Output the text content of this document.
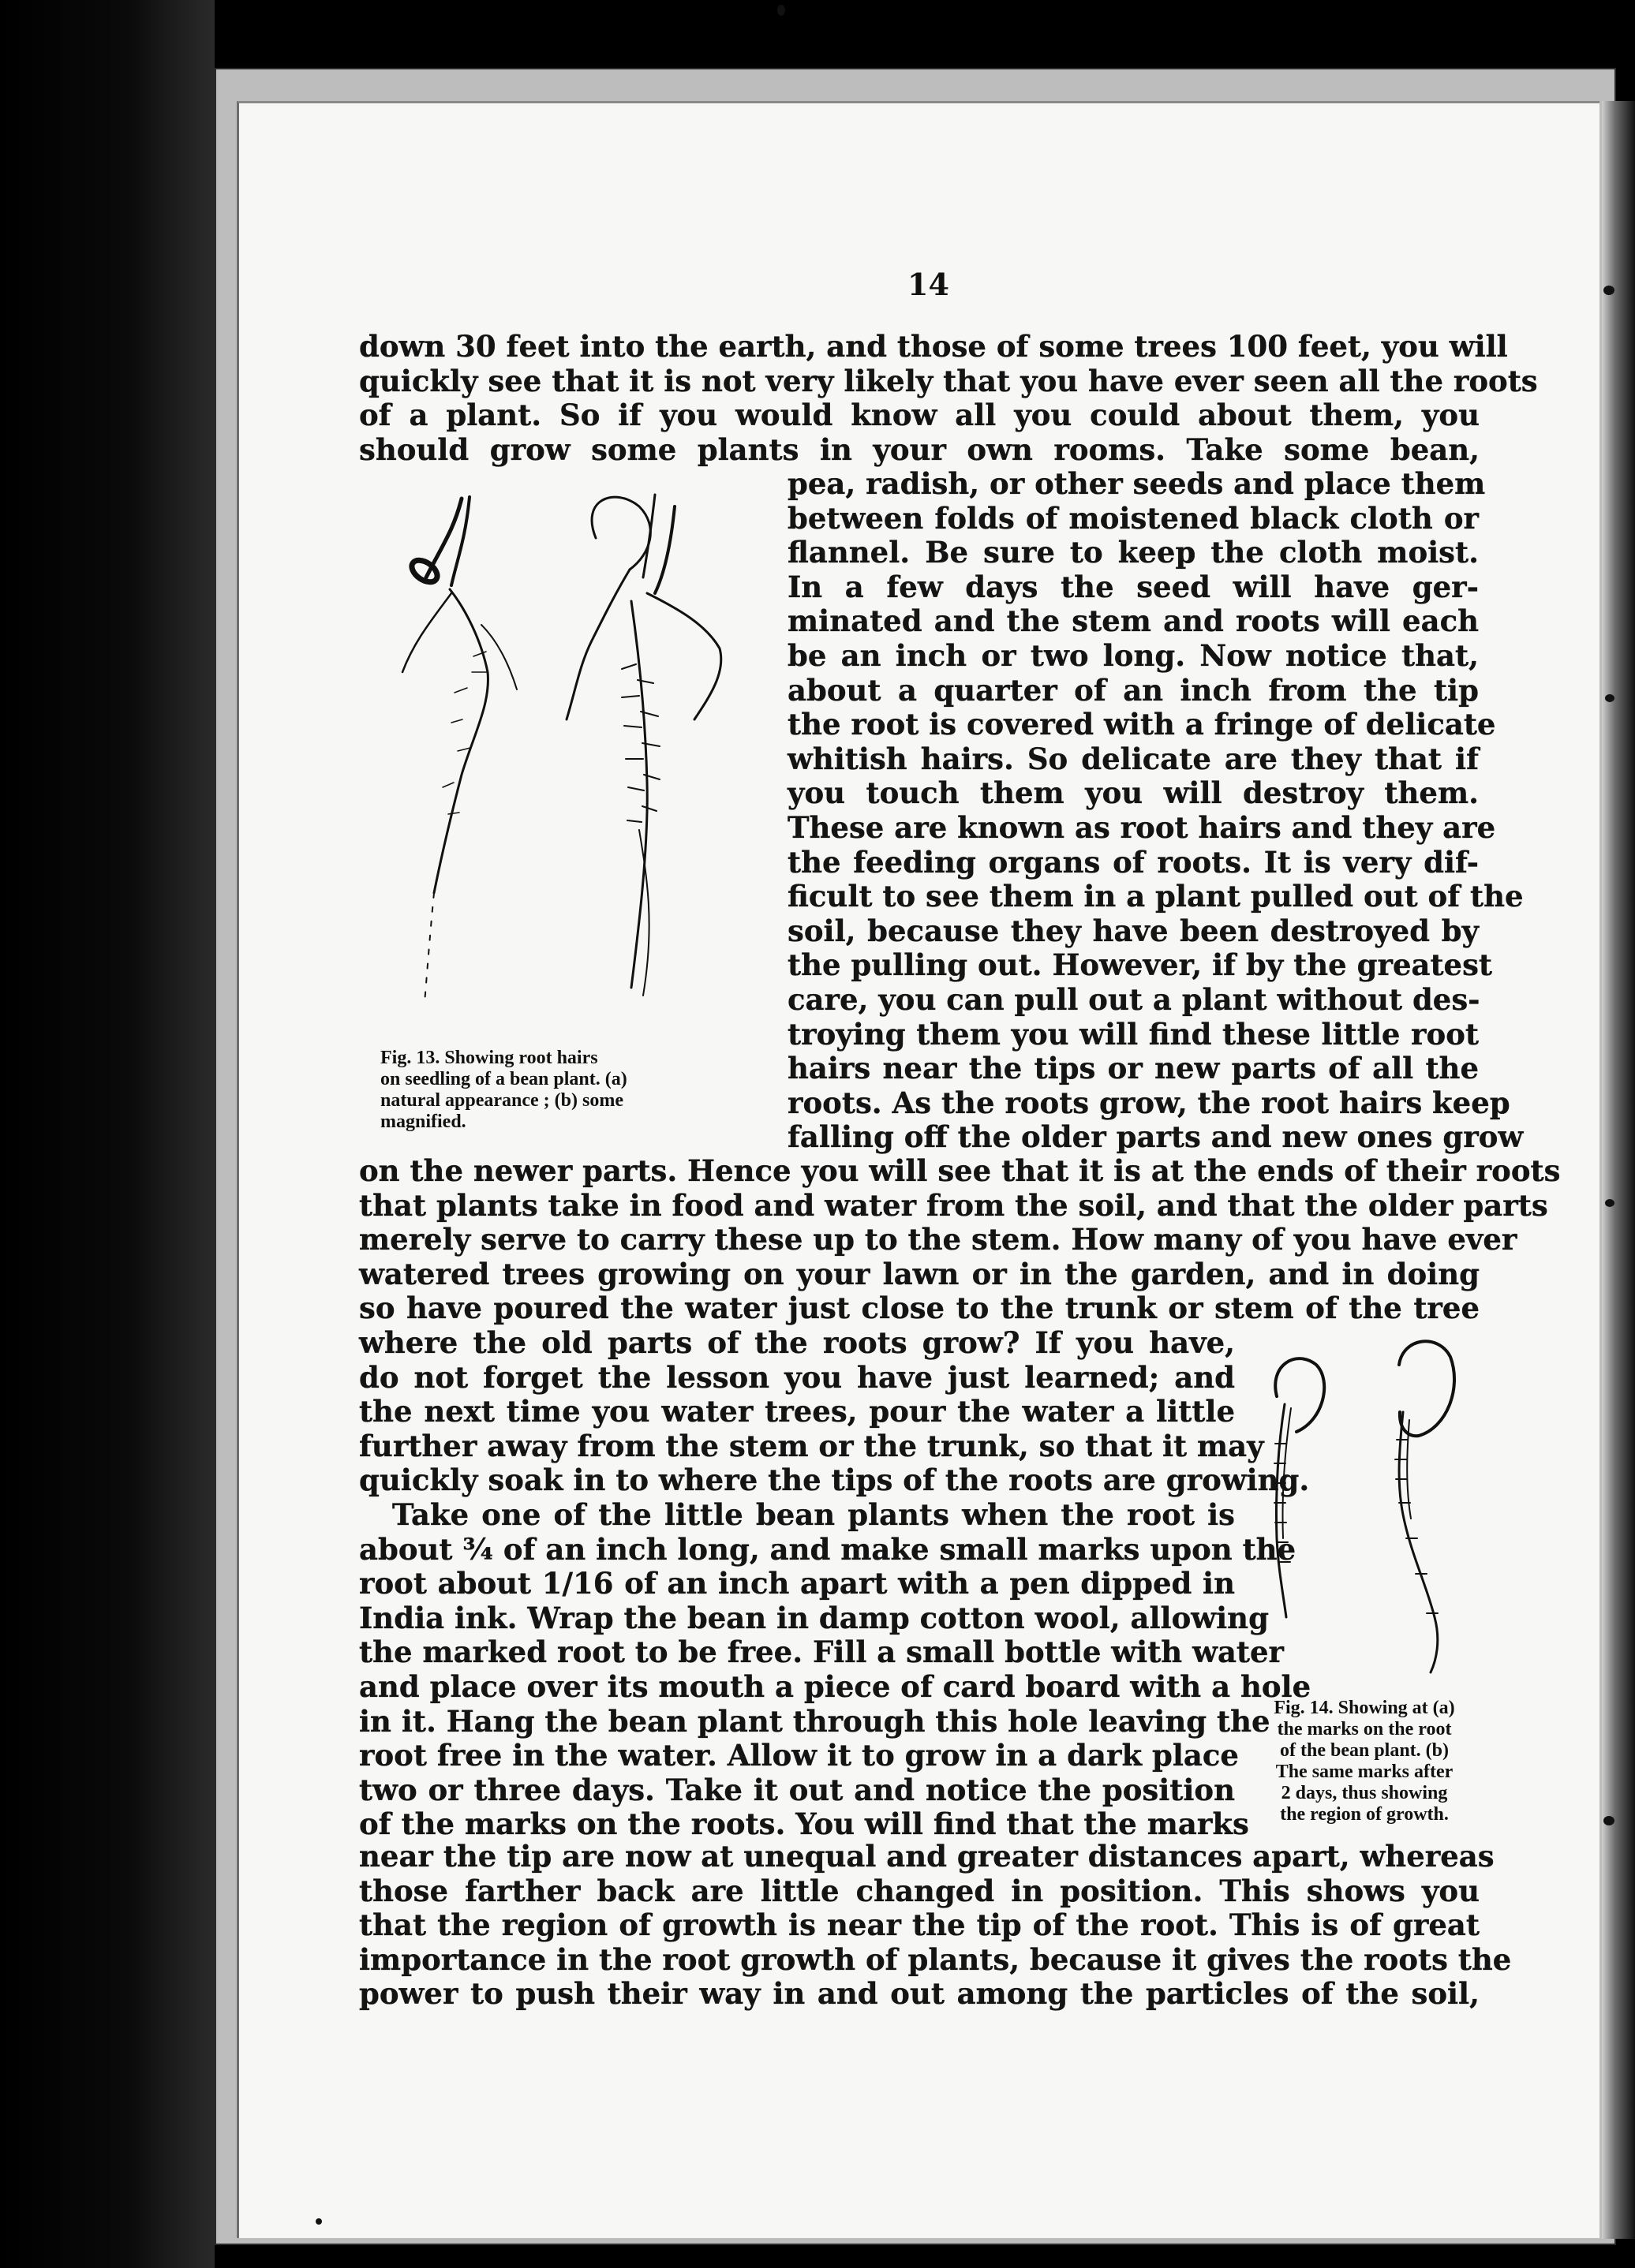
14
down 30 feet into the earth, and those of some trees 100 feet, you will
quickly see that it is not very likely that you have ever seen all the roots
of a plant. So if you would know all you could about them, you
should grow some plants in your own rooms. Take some bean,
pea, radish, or other seeds and place them
between folds of moistened black cloth or
flannel. Be sure to keep the cloth moist.
In a few days the seed will have ger-
minated and the stem and roots will each
be an inch or two long. Now notice that,
about a quarter of an inch from the tip
the root is covered with a fringe of delicate
whitish hairs. So delicate are they that if
you touch them you will destroy them.
These are known as root hairs and they are
the feeding organs of roots. It is very dif-
ficult to see them in a plant pulled out of the
soil, because they have been destroyed by
the pulling out. However, if by the greatest
care, you can pull out a plant without des-
troying them you will find these little root
hairs near the tips or new parts of all the
roots. As the roots grow, the root hairs keep
falling off the older parts and new ones grow
Fig. 13. Showing root hairs
on seedling of a bean plant. (a)
natural appearance ; (b) some
magnified.
on the newer parts. Hence you will see that it is at the ends of their roots
that plants take in food and water from the soil, and that the older parts
merely serve to carry these up to the stem. How many of you have ever
watered trees growing on your lawn or in the garden, and in doing
so have poured the water just close to the trunk or stem of the tree
where the old parts of the roots grow? If you have,
do not forget the lesson you have just learned; and
the next time you water trees, pour the water a little
further away from the stem or the trunk, so that it may
quickly soak in to where the tips of the roots are growing.
Take one of the little bean plants when the root is
about ¾ of an inch long, and make small marks upon the
root about 1/16 of an inch apart with a pen dipped in
India ink. Wrap the bean in damp cotton wool, allowing
the marked root to be free. Fill a small bottle with water
and place over its mouth a piece of card board with a hole
in it. Hang the bean plant through this hole leaving the
root free in the water. Allow it to grow in a dark place
two or three days. Take it out and notice the position
of the marks on the roots. You will find that the marks
Fig. 14. Showing at (a)
the marks on the root
of the bean plant. (b)
The same marks after
2 days, thus showing
the region of growth.
near the tip are now at unequal and greater distances apart, whereas
those farther back are little changed in position. This shows you
that the region of growth is near the tip of the root. This is of great
importance in the root growth of plants, because it gives the roots the
power to push their way in and out among the particles of the soil,
